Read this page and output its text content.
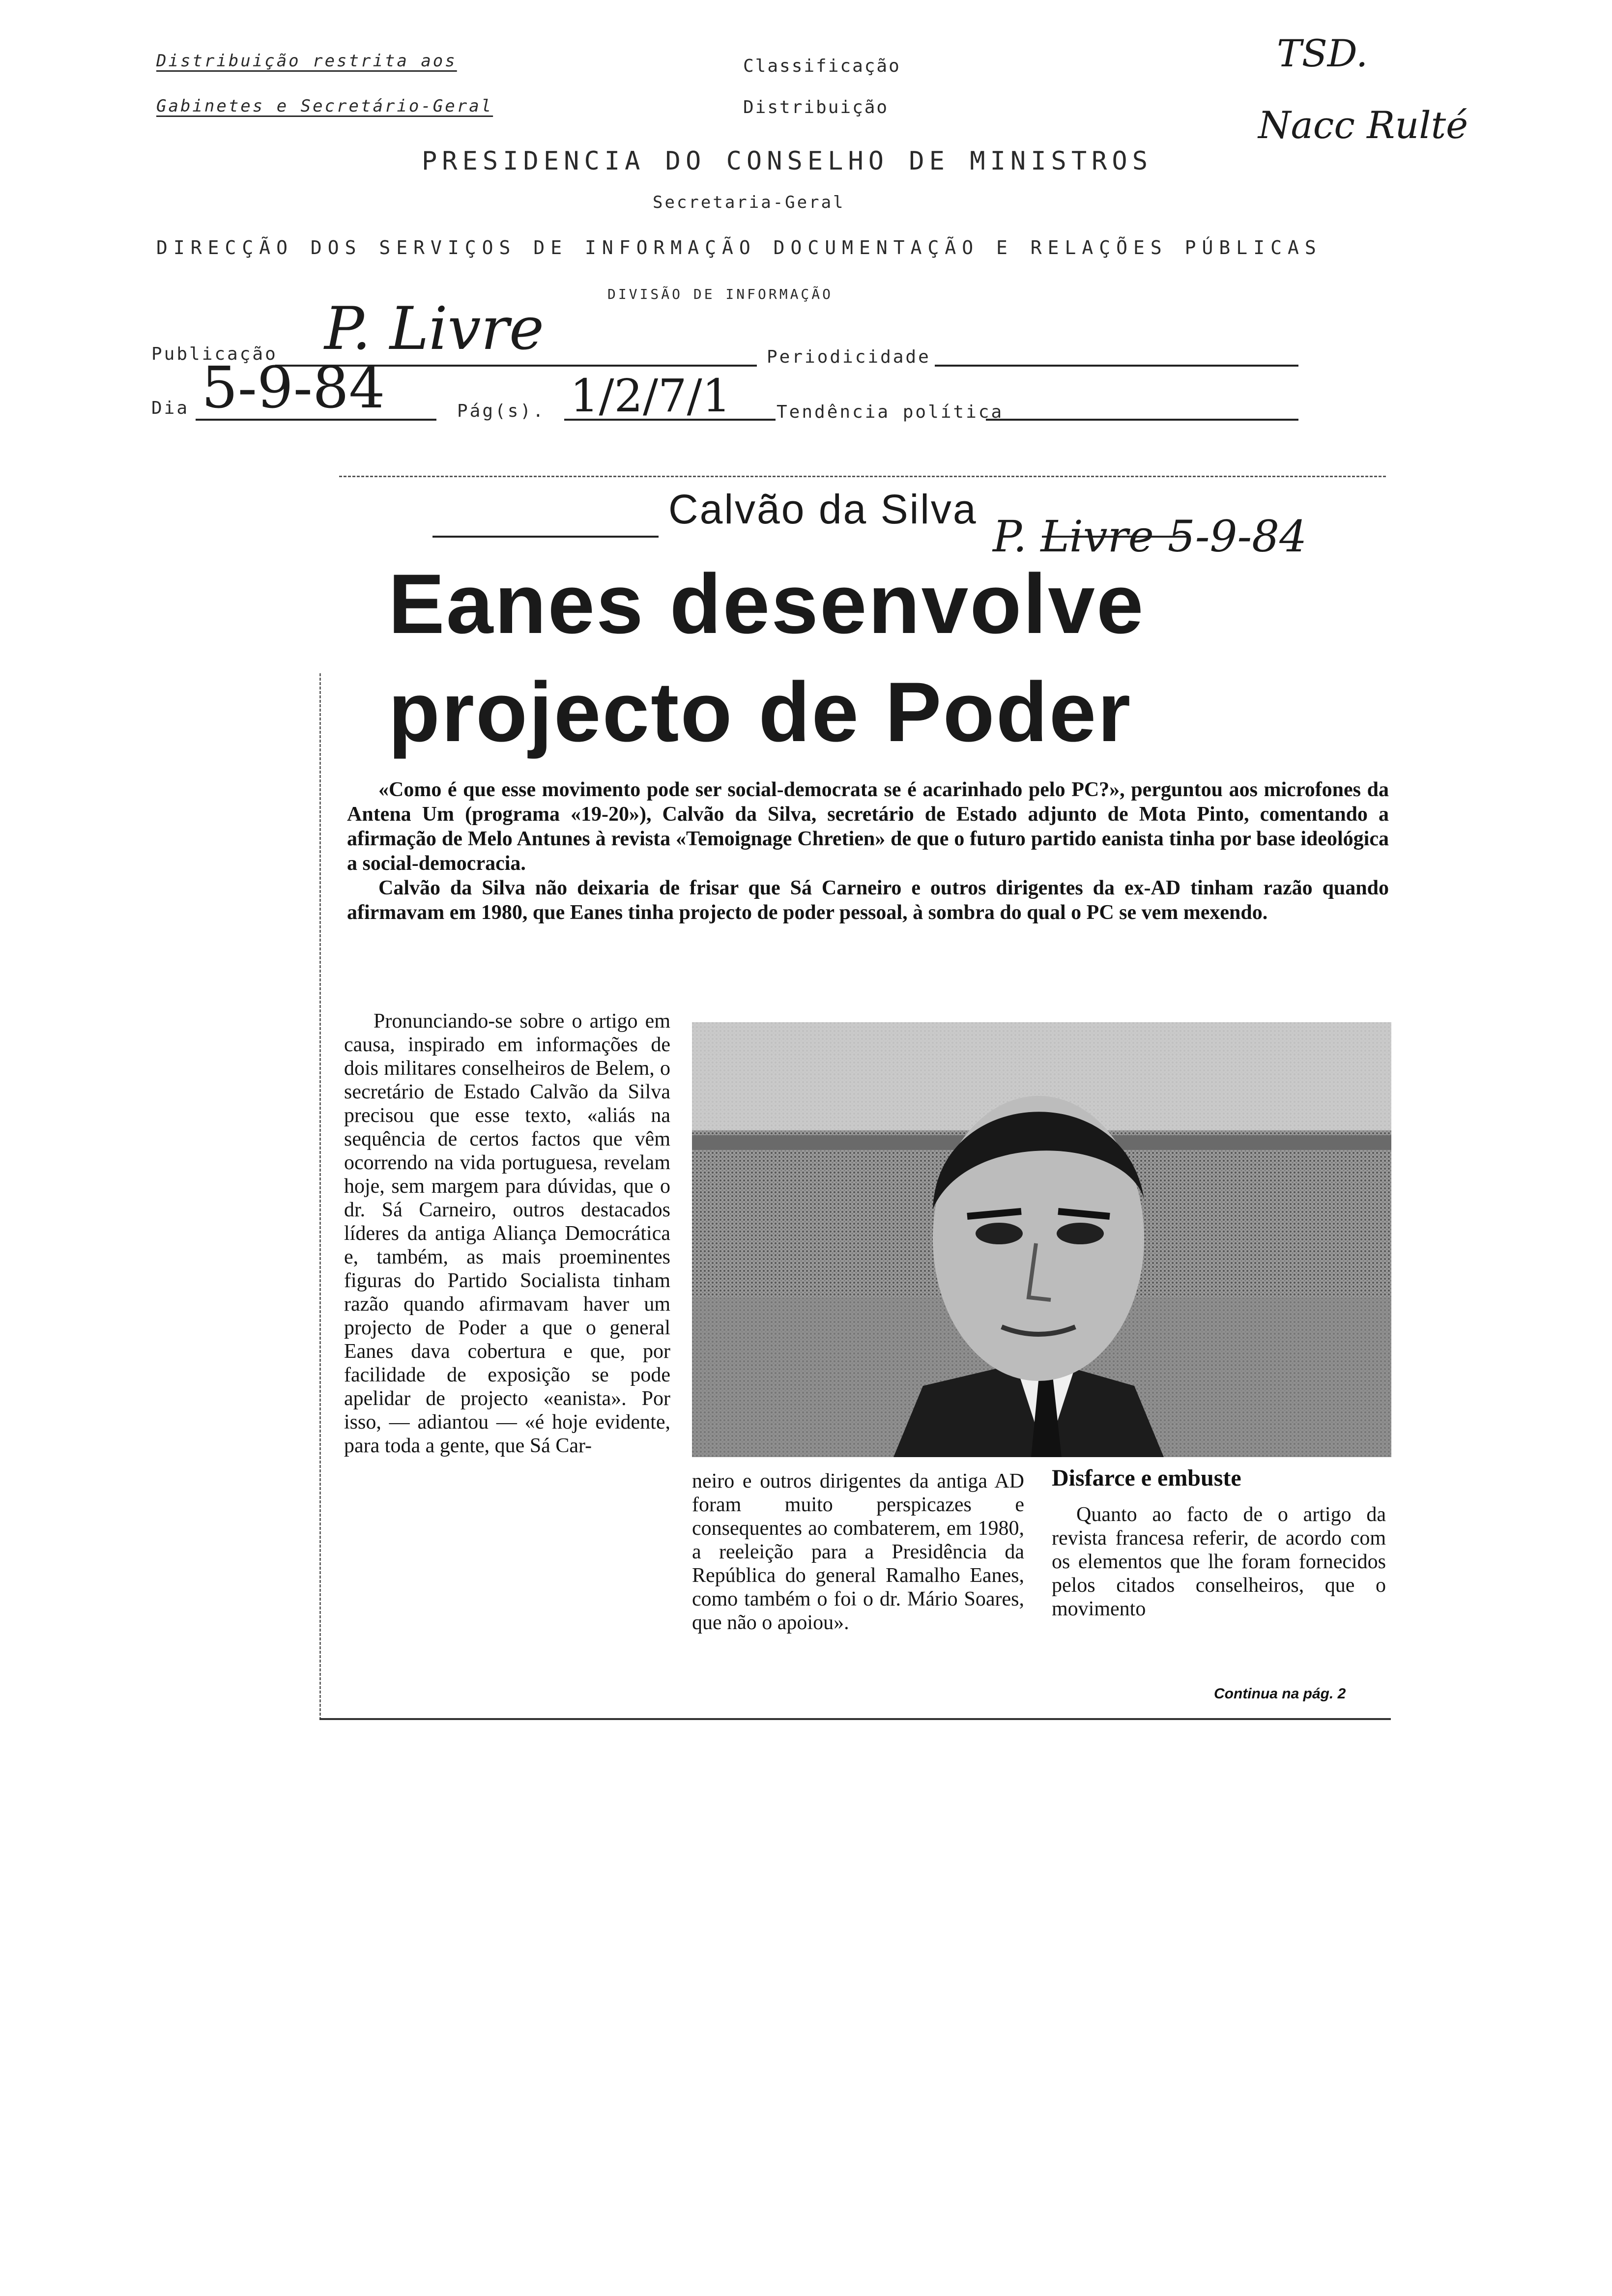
Distribuição restrita aos
Gabinetes e Secretário-Geral
Classificação
Distribuição
TSD.
Nacc Rulté
PRESIDENCIA DO CONSELHO DE MINISTROS
Secretaria-Geral
DIRECÇÃO DOS SERVIÇOS DE INFORMAÇÃO DOCUMENTAÇÃO E RELAÇÕES PÚBLICAS
DIVISÃO DE INFORMAÇÃO
Publicação P. Livre	Periodicidade
Dia 5-9-84	Pág(s). 1/2/7/1	Tendência política
Calvão da Silva
P. Livre 5-9-84
Eanes desenvolve
projecto de Poder

«Como é que esse movimento pode ser social-democrata se é acarinhado pelo PC?», perguntou aos microfones da Antena Um (programa «19-20»), Calvão da Silva, secretário de Estado adjunto de Mota Pinto, comentando a afirmação de Melo Antunes à revista «Temoignage Chretien» de que o futuro partido eanista tinha por base ideológica a social-democracia.

Calvão da Silva não deixaria de frisar que Sá Carneiro e outros dirigentes da ex-AD tinham razão quando afirmavam em 1980, que Eanes tinha projecto de poder pessoal, à sombra do qual o PC se vem mexendo.

Pronunciando-se sobre o artigo em causa, inspirado em informações de dois militares conselheiros de Belem, o secretário de Estado Calvão da Silva precisou que esse texto, «aliás na sequência de certos factos que vêm ocorrendo na vida portuguesa, revelam hoje, sem margem para dúvidas, que o dr. Sá Carneiro, outros destacados líderes da antiga Aliança Democrática e, também, as mais proeminentes figuras do Partido Socialista tinham razão quando afirmavam haver um projecto de Poder a que o general Eanes dava cobertura e que, por facilidade de exposição se pode apelidar de projecto «eanista». Por isso, — adiantou — «é hoje evidente, para toda a gente, que Sá Car-

neiro e outros dirigentes da antiga AD foram muito perspicazes e consequentes ao combaterem, em 1980, a reeleição para a Presidência da República do general Ramalho Eanes, como também o foi o dr. Mário Soares, que não o apoiou».

Disfarce e embuste

Quanto ao facto de o artigo da revista francesa referir, de acordo com os elementos que lhe foram fornecidos pelos citados conselheiros, que o movimento

Continua na pág. 2
